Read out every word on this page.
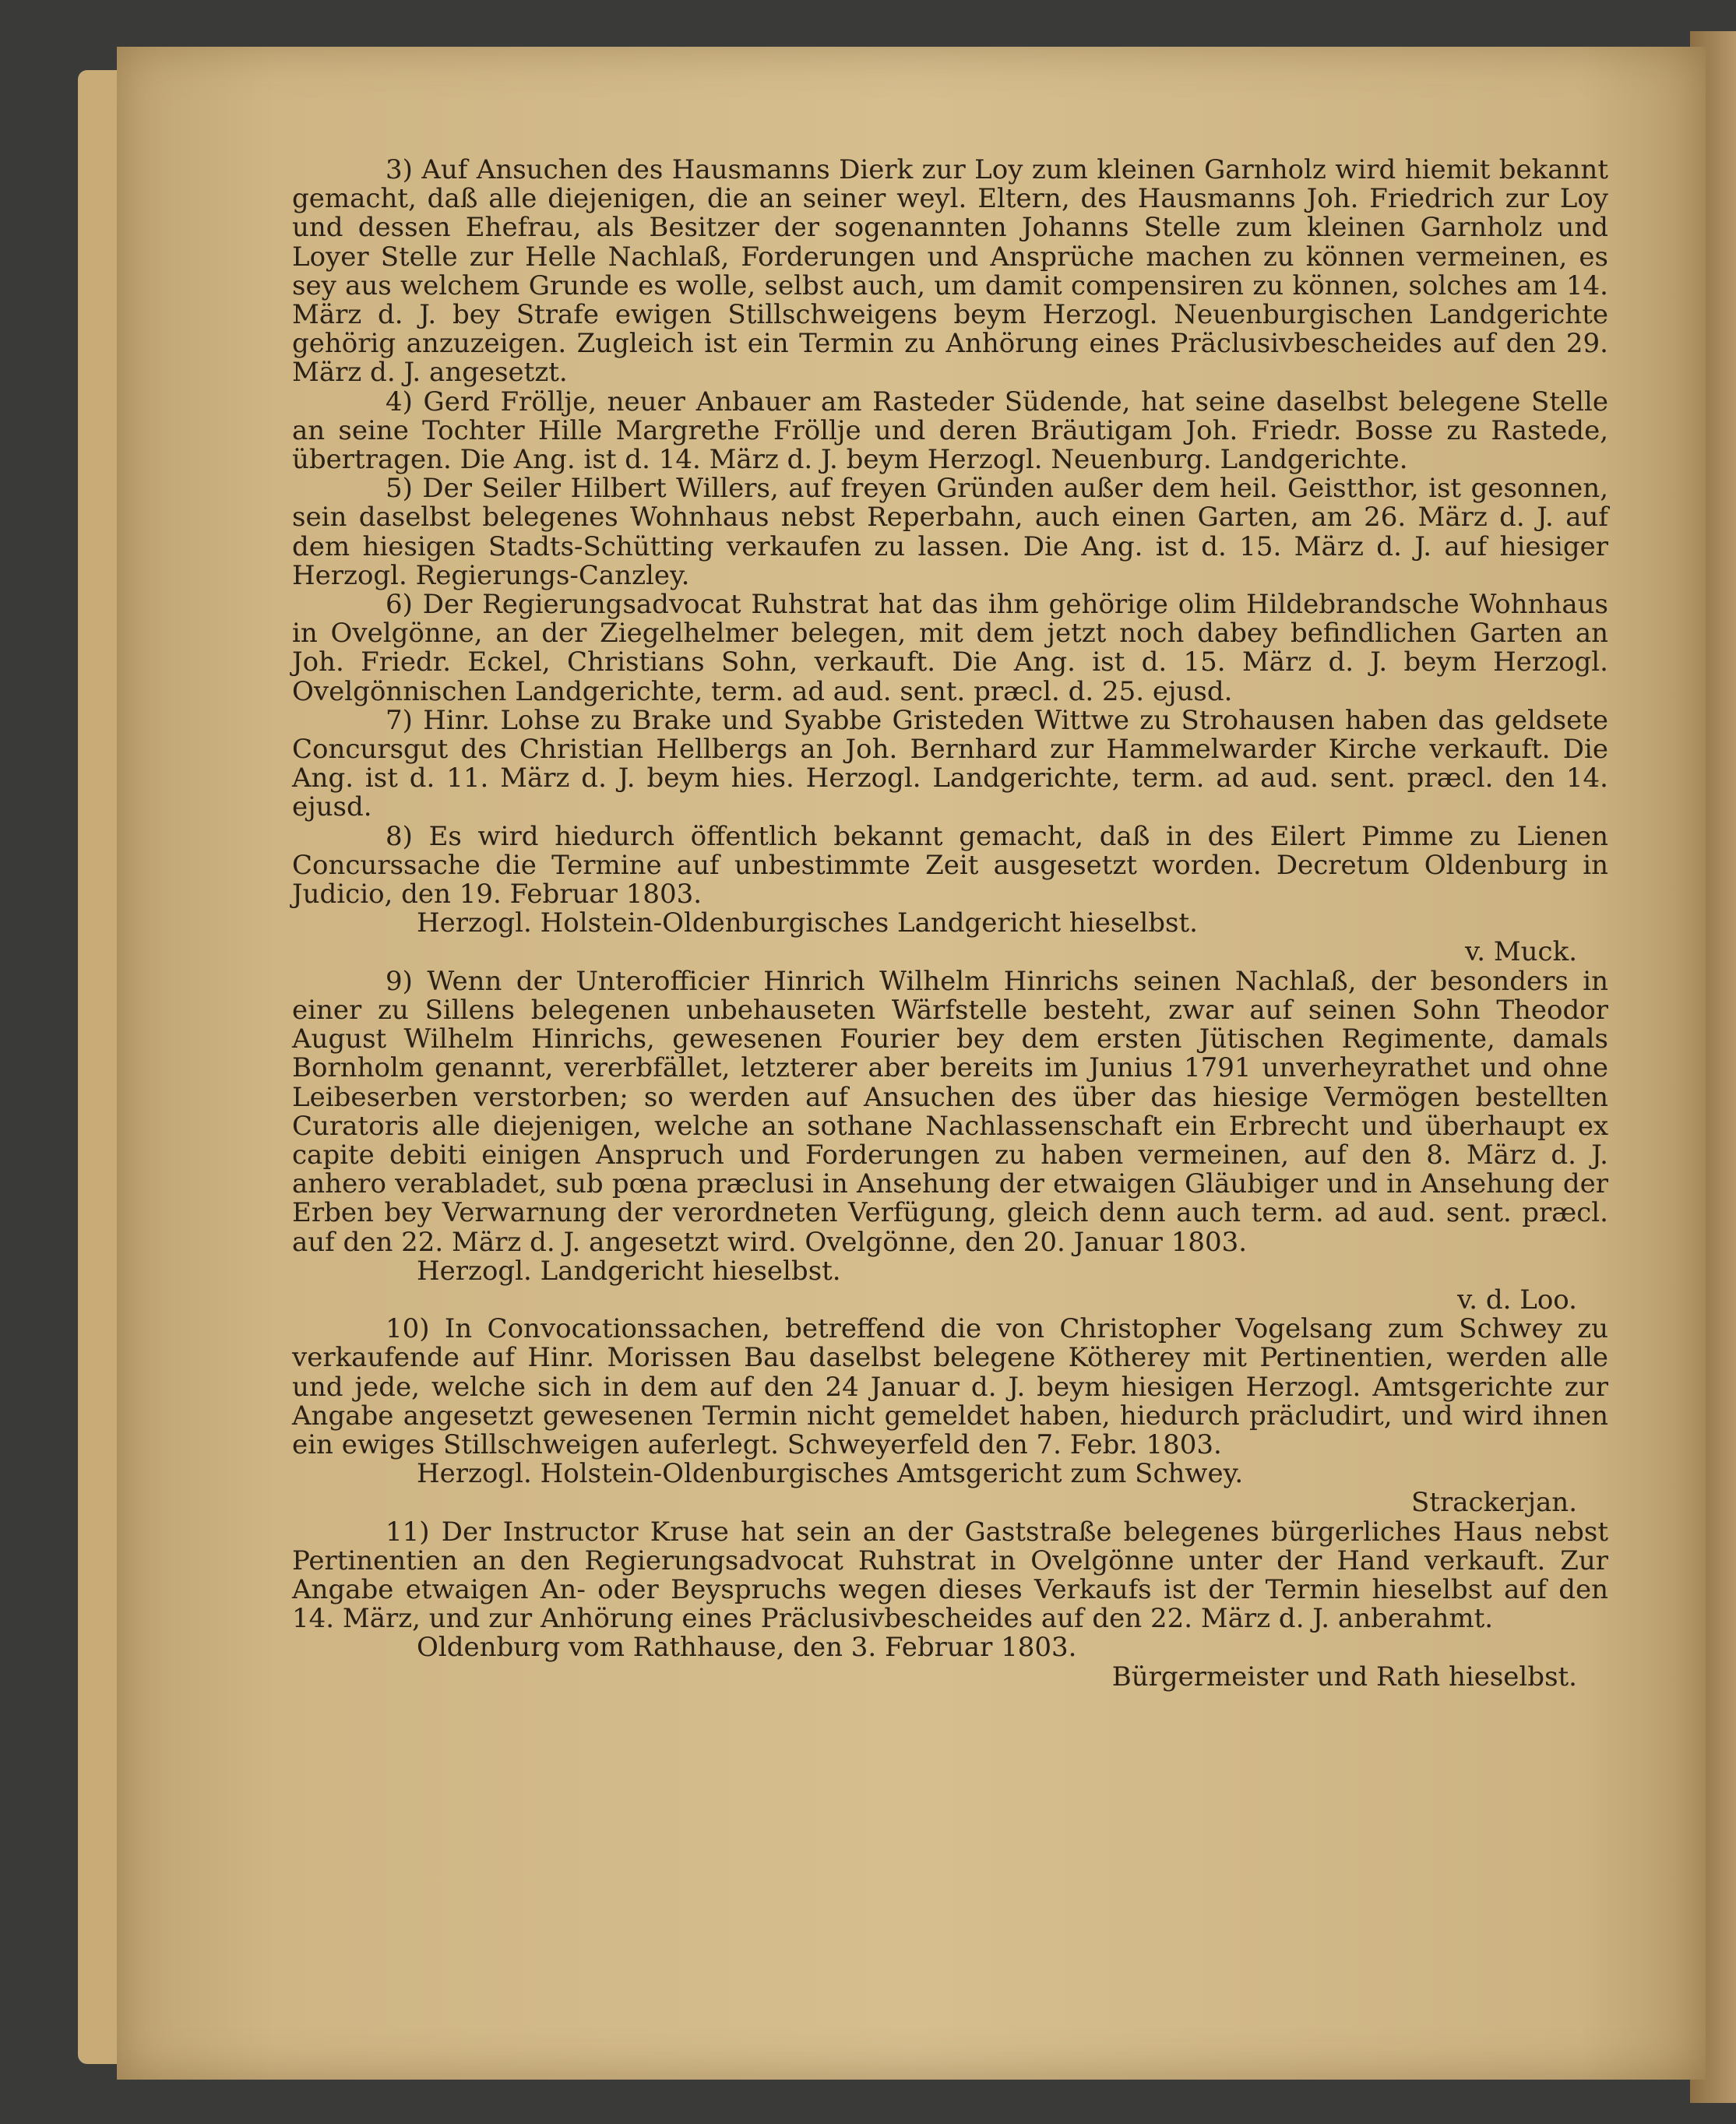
3) Auf Ansuchen des Hausmanns Dierk zur Loy zum kleinen Garnholz wird hiemit bekannt gemacht, daß alle diejenigen, die an seiner weyl. Eltern, des Hausmanns Joh. Friedrich zur Loy und dessen Ehefrau, als Besitzer der sogenannten Johanns Stelle zum kleinen Garnholz und Loyer Stelle zur Helle Nachlaß, Forderungen und Ansprüche machen zu können vermeinen, es sey aus welchem Grunde es wolle, selbst auch, um damit compensiren zu können, solches am 14. März d. J. bey Strafe ewigen Stillschweigens beym Herzogl. Neuenburgischen Landgerichte gehörig anzuzeigen. Zugleich ist ein Termin zu Anhörung eines Präclusivbescheides auf den 29. März d. J. angesetzt.

4) Gerd Fröllje, neuer Anbauer am Rasteder Südende, hat seine daselbst belegene Stelle an seine Tochter Hille Margrethe Fröllje und deren Bräutigam Joh. Friedr. Bosse zu Rastede, übertragen. Die Ang. ist d. 14. März d. J. beym Herzogl. Neuenburg. Landgerichte.

5) Der Seiler Hilbert Willers, auf freyen Gründen außer dem heil. Geistthor, ist gesonnen, sein daselbst belegenes Wohnhaus nebst Reperbahn, auch einen Garten, am 26. März d. J. auf dem hiesigen Stadts-Schütting verkaufen zu lassen. Die Ang. ist d. 15. März d. J. auf hiesiger Herzogl. Regierungs-Canzley.

6) Der Regierungsadvocat Ruhstrat hat das ihm gehörige olim Hildebrandsche Wohnhaus in Ovelgönne, an der Ziegelhelmer belegen, mit dem jetzt noch dabey befindlichen Garten an Joh. Friedr. Eckel, Christians Sohn, verkauft. Die Ang. ist d. 15. März d. J. beym Herzogl. Ovelgönnischen Landgerichte, term. ad aud. sent. præcl. d. 25. ejusd.

7) Hinr. Lohse zu Brake und Syabbe Gristeden Wittwe zu Strohausen haben das geldsete Concursgut des Christian Hellbergs an Joh. Bernhard zur Hammelwarder Kirche verkauft. Die Ang. ist d. 11. März d. J. beym hies. Herzogl. Landgerichte, term. ad aud. sent. præcl. den 14. ejusd.

8) Es wird hiedurch öffentlich bekannt gemacht, daß in des Eilert Pimme zu Lienen Concurssache die Termine auf unbestimmte Zeit ausgesetzt worden. Decretum Oldenburg in Judicio, den 19. Februar 1803.

Herzogl. Holstein-Oldenburgisches Landgericht hieselbst.

v. Muck.

9) Wenn der Unterofficier Hinrich Wilhelm Hinrichs seinen Nachlaß, der besonders in einer zu Sillens belegenen unbehauseten Wärfstelle besteht, zwar auf seinen Sohn Theodor August Wilhelm Hinrichs, gewesenen Fourier bey dem ersten Jütischen Regimente, damals Bornholm genannt, vererbfället, letzterer aber bereits im Junius 1791 unverheyrathet und ohne Leibeserben verstorben; so werden auf Ansuchen des über das hiesige Vermögen bestellten Curatoris alle diejenigen, welche an sothane Nachlassenschaft ein Erbrecht und überhaupt ex capite debiti einigen Anspruch und Forderungen zu haben vermeinen, auf den 8. März d. J. anhero verabladet, sub pœna præclusi in Ansehung der etwaigen Gläubiger und in Ansehung der Erben bey Verwarnung der verordneten Verfügung, gleich denn auch term. ad aud. sent. præcl. auf den 22. März d. J. angesetzt wird. Ovelgönne, den 20. Januar 1803.

Herzogl. Landgericht hieselbst.

v. d. Loo.

10) In Convocationssachen, betreffend die von Christopher Vogelsang zum Schwey zu verkaufende auf Hinr. Morissen Bau daselbst belegene Kötherey mit Pertinentien, werden alle und jede, welche sich in dem auf den 24 Januar d. J. beym hiesigen Herzogl. Amtsgerichte zur Angabe angesetzt gewesenen Termin nicht gemeldet haben, hiedurch präcludirt, und wird ihnen ein ewiges Stillschweigen auferlegt. Schweyerfeld den 7. Febr. 1803.

Herzogl. Holstein-Oldenburgisches Amtsgericht zum Schwey.

Strackerjan.

11) Der Instructor Kruse hat sein an der Gaststraße belegenes bürgerliches Haus nebst Pertinentien an den Regierungsadvocat Ruhstrat in Ovelgönne unter der Hand verkauft. Zur Angabe etwaigen An- oder Beyspruchs wegen dieses Verkaufs ist der Termin hieselbst auf den 14. März, und zur Anhörung eines Präclusivbescheides auf den 22. März d. J. anberahmt.

Oldenburg vom Rathhause, den 3. Februar 1803.

Bürgermeister und Rath hieselbst.
